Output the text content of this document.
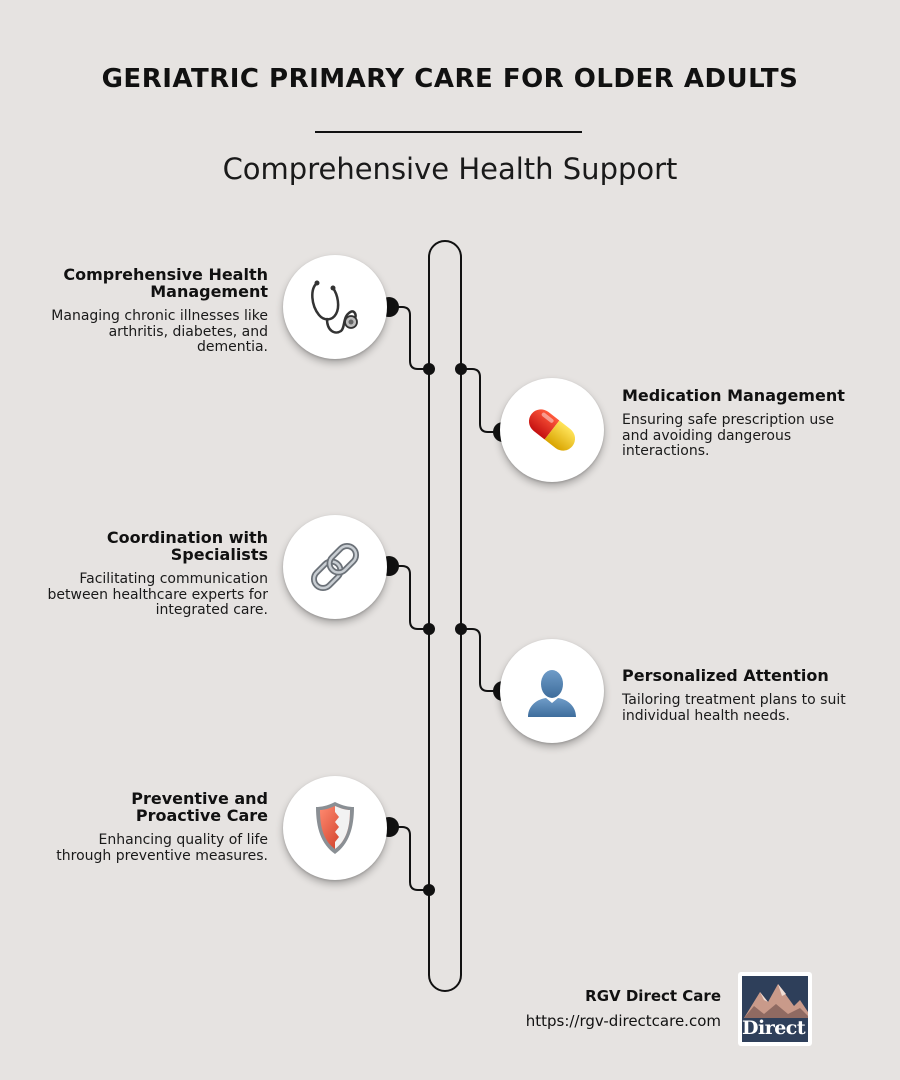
GERIATRIC PRIMARY CARE FOR OLDER ADULTS
Comprehensive Health Support
Comprehensive Health Management
Managing chronic illnesses like arthritis, diabetes, and dementia.
Medication Management
Ensuring safe prescription use and avoiding dangerous interactions.
Coordination with Specialists
Facilitating communication between healthcare experts for integrated care.
Personalized Attention
Tailoring treatment plans to suit individual health needs.
Preventive and Proactive Care
Enhancing quality of life through preventive measures.
RGV Direct Care
https://rgv-directcare.com Direct
